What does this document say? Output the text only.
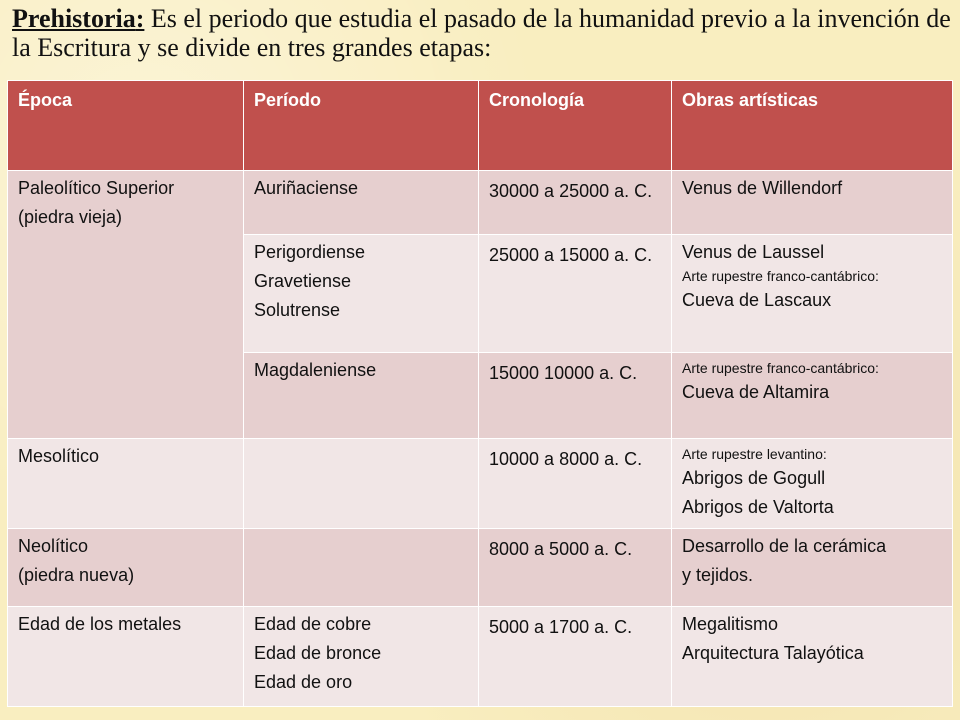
Prehistoria: Es el periodo que estudia el pasado de la humanidad previo a la invención de la Escritura y se divide en tres grandes etapas:

Época	Período	Cronología	Obras artísticas

Paleolítico Superior
(piedra vieja)	Auriñaciense	30000 a 25000 a. C.	Venus de Willendorf

	Perigordiense
Gravetiense
Solutrense	25000 a 15000 a. C.	Venus de Laussel
Arte rupestre franco-cantábrico:
Cueva de Lascaux

	Magdaleniense	15000 10000 a. C.	Arte rupestre franco-cantábrico:
Cueva de Altamira

Mesolítico		10000 a 8000 a. C.	Arte rupestre levantino:
Abrigos de Gogull
Abrigos de Valtorta

Neolítico
(piedra nueva)		8000 a 5000 a. C.	Desarrollo de la cerámica
y tejidos.

Edad de los metales	Edad de cobre
Edad de bronce
Edad de oro	5000 a 1700 a. C.	Megalitismo
Arquitectura Talayótica
